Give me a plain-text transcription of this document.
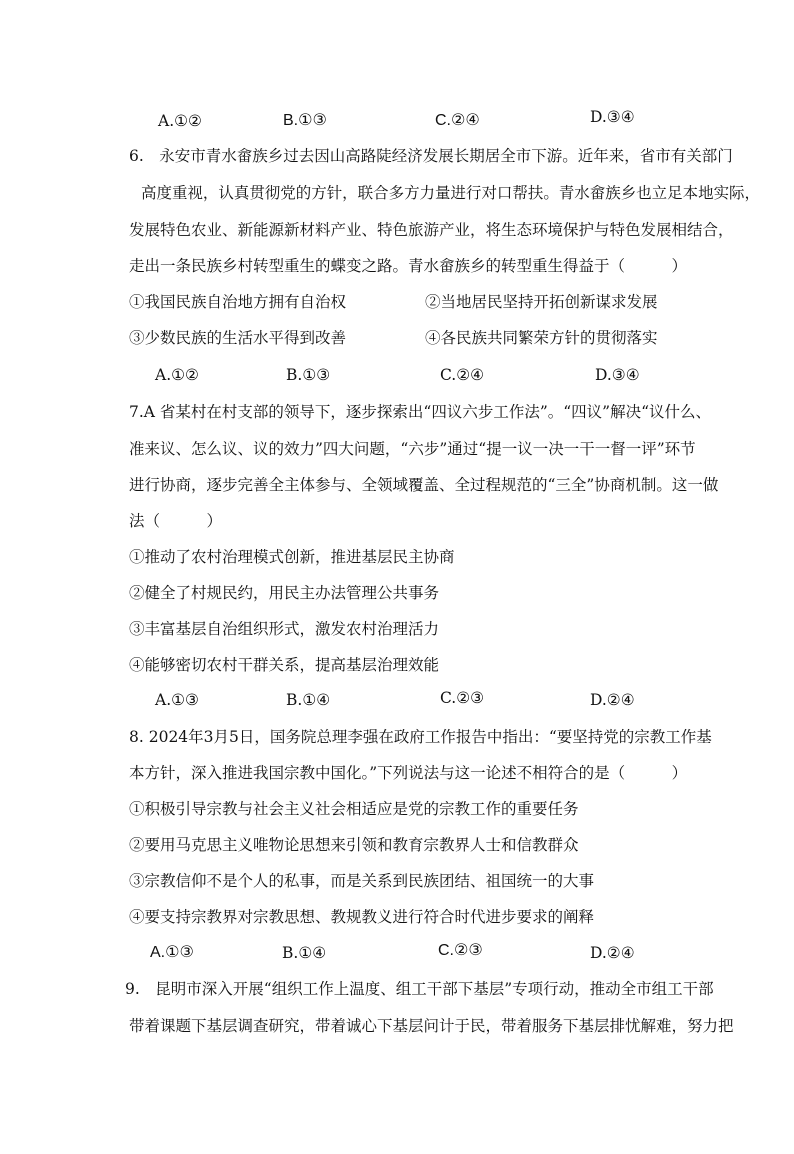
A.①②	B.①③	C.②④	D.③④
6.　永安市青水畲族乡过去因山高路陡经济发展长期居全市下游。近年来，省市有关部门
高度重视，认真贯彻党的方针，联合多方力量进行对口帮扶。青水畲族乡也立足本地实际，
发展特色农业、新能源新材料产业、特色旅游产业，将生态环境保护与特色发展相结合，
走出一条民族乡村转型重生的蝶变之路。青水畲族乡的转型重生得益于（　　　）
①我国民族自治地方拥有自治权	②当地居民坚持开拓创新谋求发展
③少数民族的生活水平得到改善	④各民族共同繁荣方针的贯彻落实
A.①②	B.①③	C.②④	D.③④
7.A 省某村在村支部的领导下，逐步探索出“四议六步工作法”。“四议”解决“议什么、
准来议、怎么议、议的效力”四大问题，“六步”通过“提一议一决一干一督一评”环节
进行协商，逐步完善全主体参与、全领域覆盖、全过程规范的“三全”协商机制。这一做
法（　　　）
①推动了农村治理模式创新，推进基层民主协商
②健全了村规民约，用民主办法管理公共事务
③丰富基层自治组织形式，激发农村治理活力
④能够密切农村干群关系，提高基层治理效能
A.①③	B.①④	C.②③	D.②④
8. 2024年3月5日，国务院总理李强在政府工作报告中指出：“要坚持党的宗教工作基
本方针，深入推进我国宗教中国化。”下列说法与这一论述不相符合的是（　　　）
①积极引导宗教与社会主义社会相适应是党的宗教工作的重要任务
②要用马克思主义唯物论思想来引领和教育宗教界人士和信教群众
③宗教信仰不是个人的私事，而是关系到民族团结、祖国统一的大事
④要支持宗教界对宗教思想、教规教义进行符合时代进步要求的阐释
A.①③	B.①④	C.②③	D.②④
9.　昆明市深入开展“组织工作上温度、组工干部下基层”专项行动，推动全市组工干部
带着课题下基层调查研究，带着诚心下基层问计于民，带着服务下基层排忧解难，努力把
